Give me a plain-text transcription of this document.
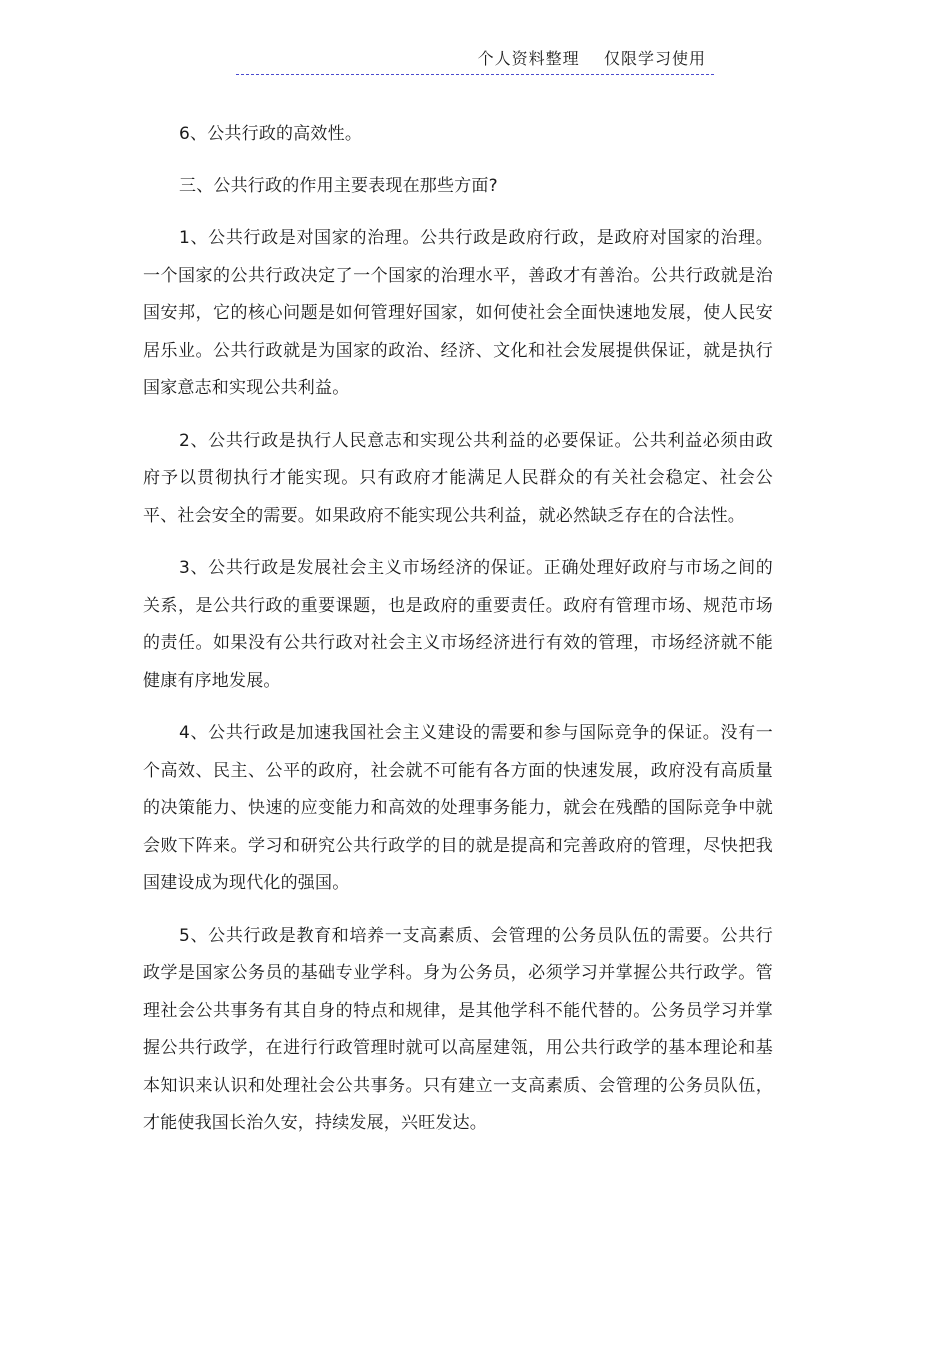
个人资料整理    仅限学习使用

6、公共行政的高效性。

三、公共行政的作用主要表现在那些方面?

1、公共行政是对国家的治理。公共行政是政府行政，是政府对国家的治理。一个国家的公共行政决定了一个国家的治理水平，善政才有善治。公共行政就是治国安邦，它的核心问题是如何管理好国家，如何使社会全面快速地发展，使人民安居乐业。公共行政就是为国家的政治、经济、文化和社会发展提供保证，就是执行国家意志和实现公共利益。

2、公共行政是执行人民意志和实现公共利益的必要保证。公共利益必须由政府予以贯彻执行才能实现。只有政府才能满足人民群众的有关社会稳定、社会公平、社会安全的需要。如果政府不能实现公共利益，就必然缺乏存在的合法性。

3、公共行政是发展社会主义市场经济的保证。正确处理好政府与市场之间的关系，是公共行政的重要课题，也是政府的重要责任。政府有管理市场、规范市场的责任。如果没有公共行政对社会主义市场经济进行有效的管理，市场经济就不能健康有序地发展。

4、公共行政是加速我国社会主义建设的需要和参与国际竞争的保证。没有一个高效、民主、公平的政府，社会就不可能有各方面的快速发展，政府没有高质量的决策能力、快速的应变能力和高效的处理事务能力，就会在残酷的国际竞争中就会败下阵来。学习和研究公共行政学的目的就是提高和完善政府的管理，尽快把我国建设成为现代化的强国。

5、公共行政是教育和培养一支高素质、会管理的公务员队伍的需要。公共行政学是国家公务员的基础专业学科。身为公务员，必须学习并掌握公共行政学。管理社会公共事务有其自身的特点和规律，是其他学科不能代替的。公务员学习并掌握公共行政学，在进行行政管理时就可以高屋建瓴，用公共行政学的基本理论和基本知识来认识和处理社会公共事务。只有建立一支高素质、会管理的公务员队伍，才能使我国长治久安，持续发展，兴旺发达。
